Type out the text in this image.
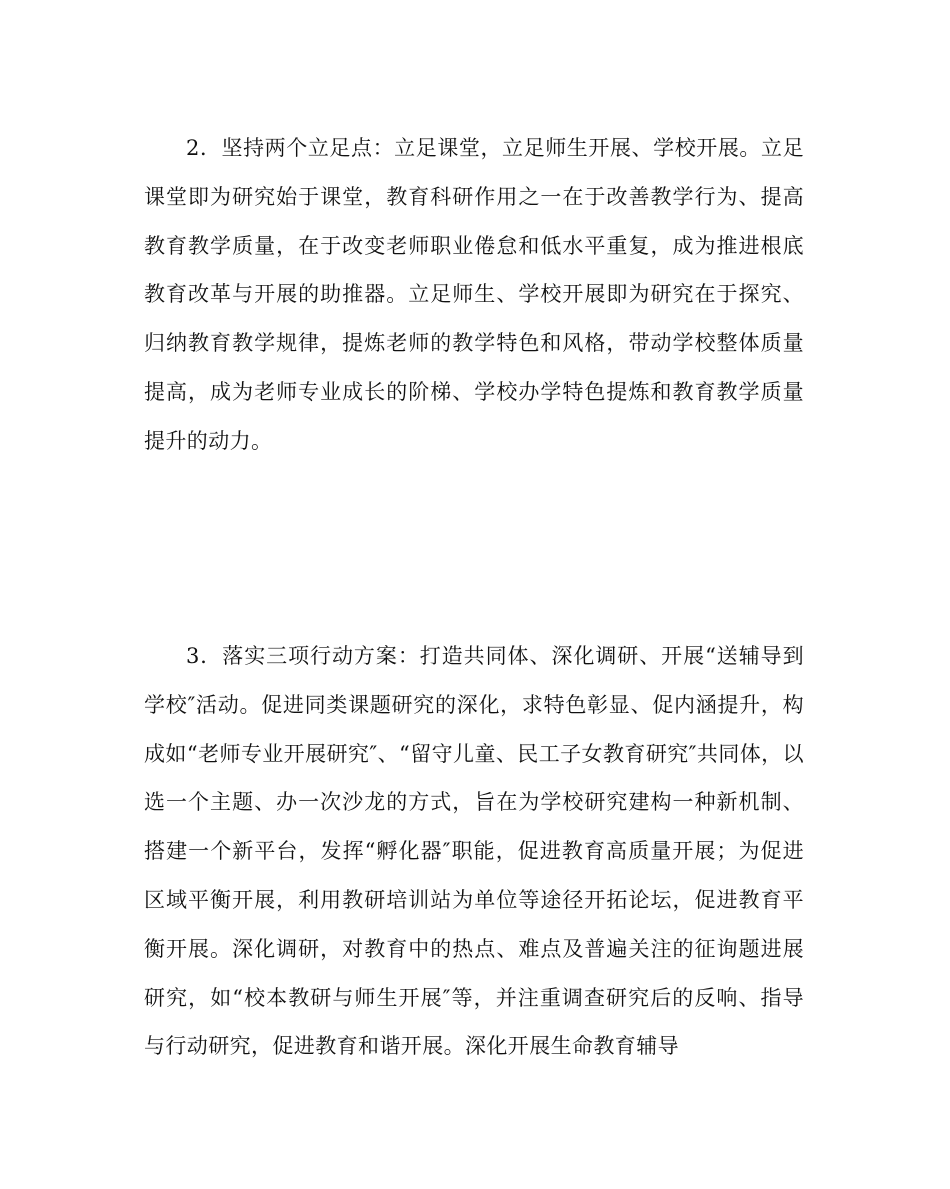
2．坚持两个立足点：立足课堂，立足师生开展、学校开展。立足课堂即为研究始于课堂，教育科研作用之一在于改善教学行为、提高教育教学质量，在于改变老师职业倦怠和低水平重复，成为推进根底教育改革与开展的助推器。立足师生、学校开展即为研究在于探究、归纳教育教学规律，提炼老师的教学特色和风格，带动学校整体质量提高，成为老师专业成长的阶梯、学校办学特色提炼和教育教学质量提升的动力。

3．落实三项行动方案：打造共同体、深化调研、开展“送辅导到学校″活动。促进同类课题研究的深化，求特色彰显、促内涵提升，构成如“老师专业开展研究″、“留守儿童、民工子女教育研究″共同体，以选一个主题、办一次沙龙的方式，旨在为学校研究建构一种新机制、搭建一个新平台，发挥“孵化器″职能，促进教育高质量开展；为促进区域平衡开展，利用教研培训站为单位等途径开拓论坛，促进教育平衡开展。深化调研，对教育中的热点、难点及普遍关注的征询题进展研究，如“校本教研与师生开展″等，并注重调查研究后的反响、指导与行动研究，促进教育和谐开展。深化开展生命教育辅导
